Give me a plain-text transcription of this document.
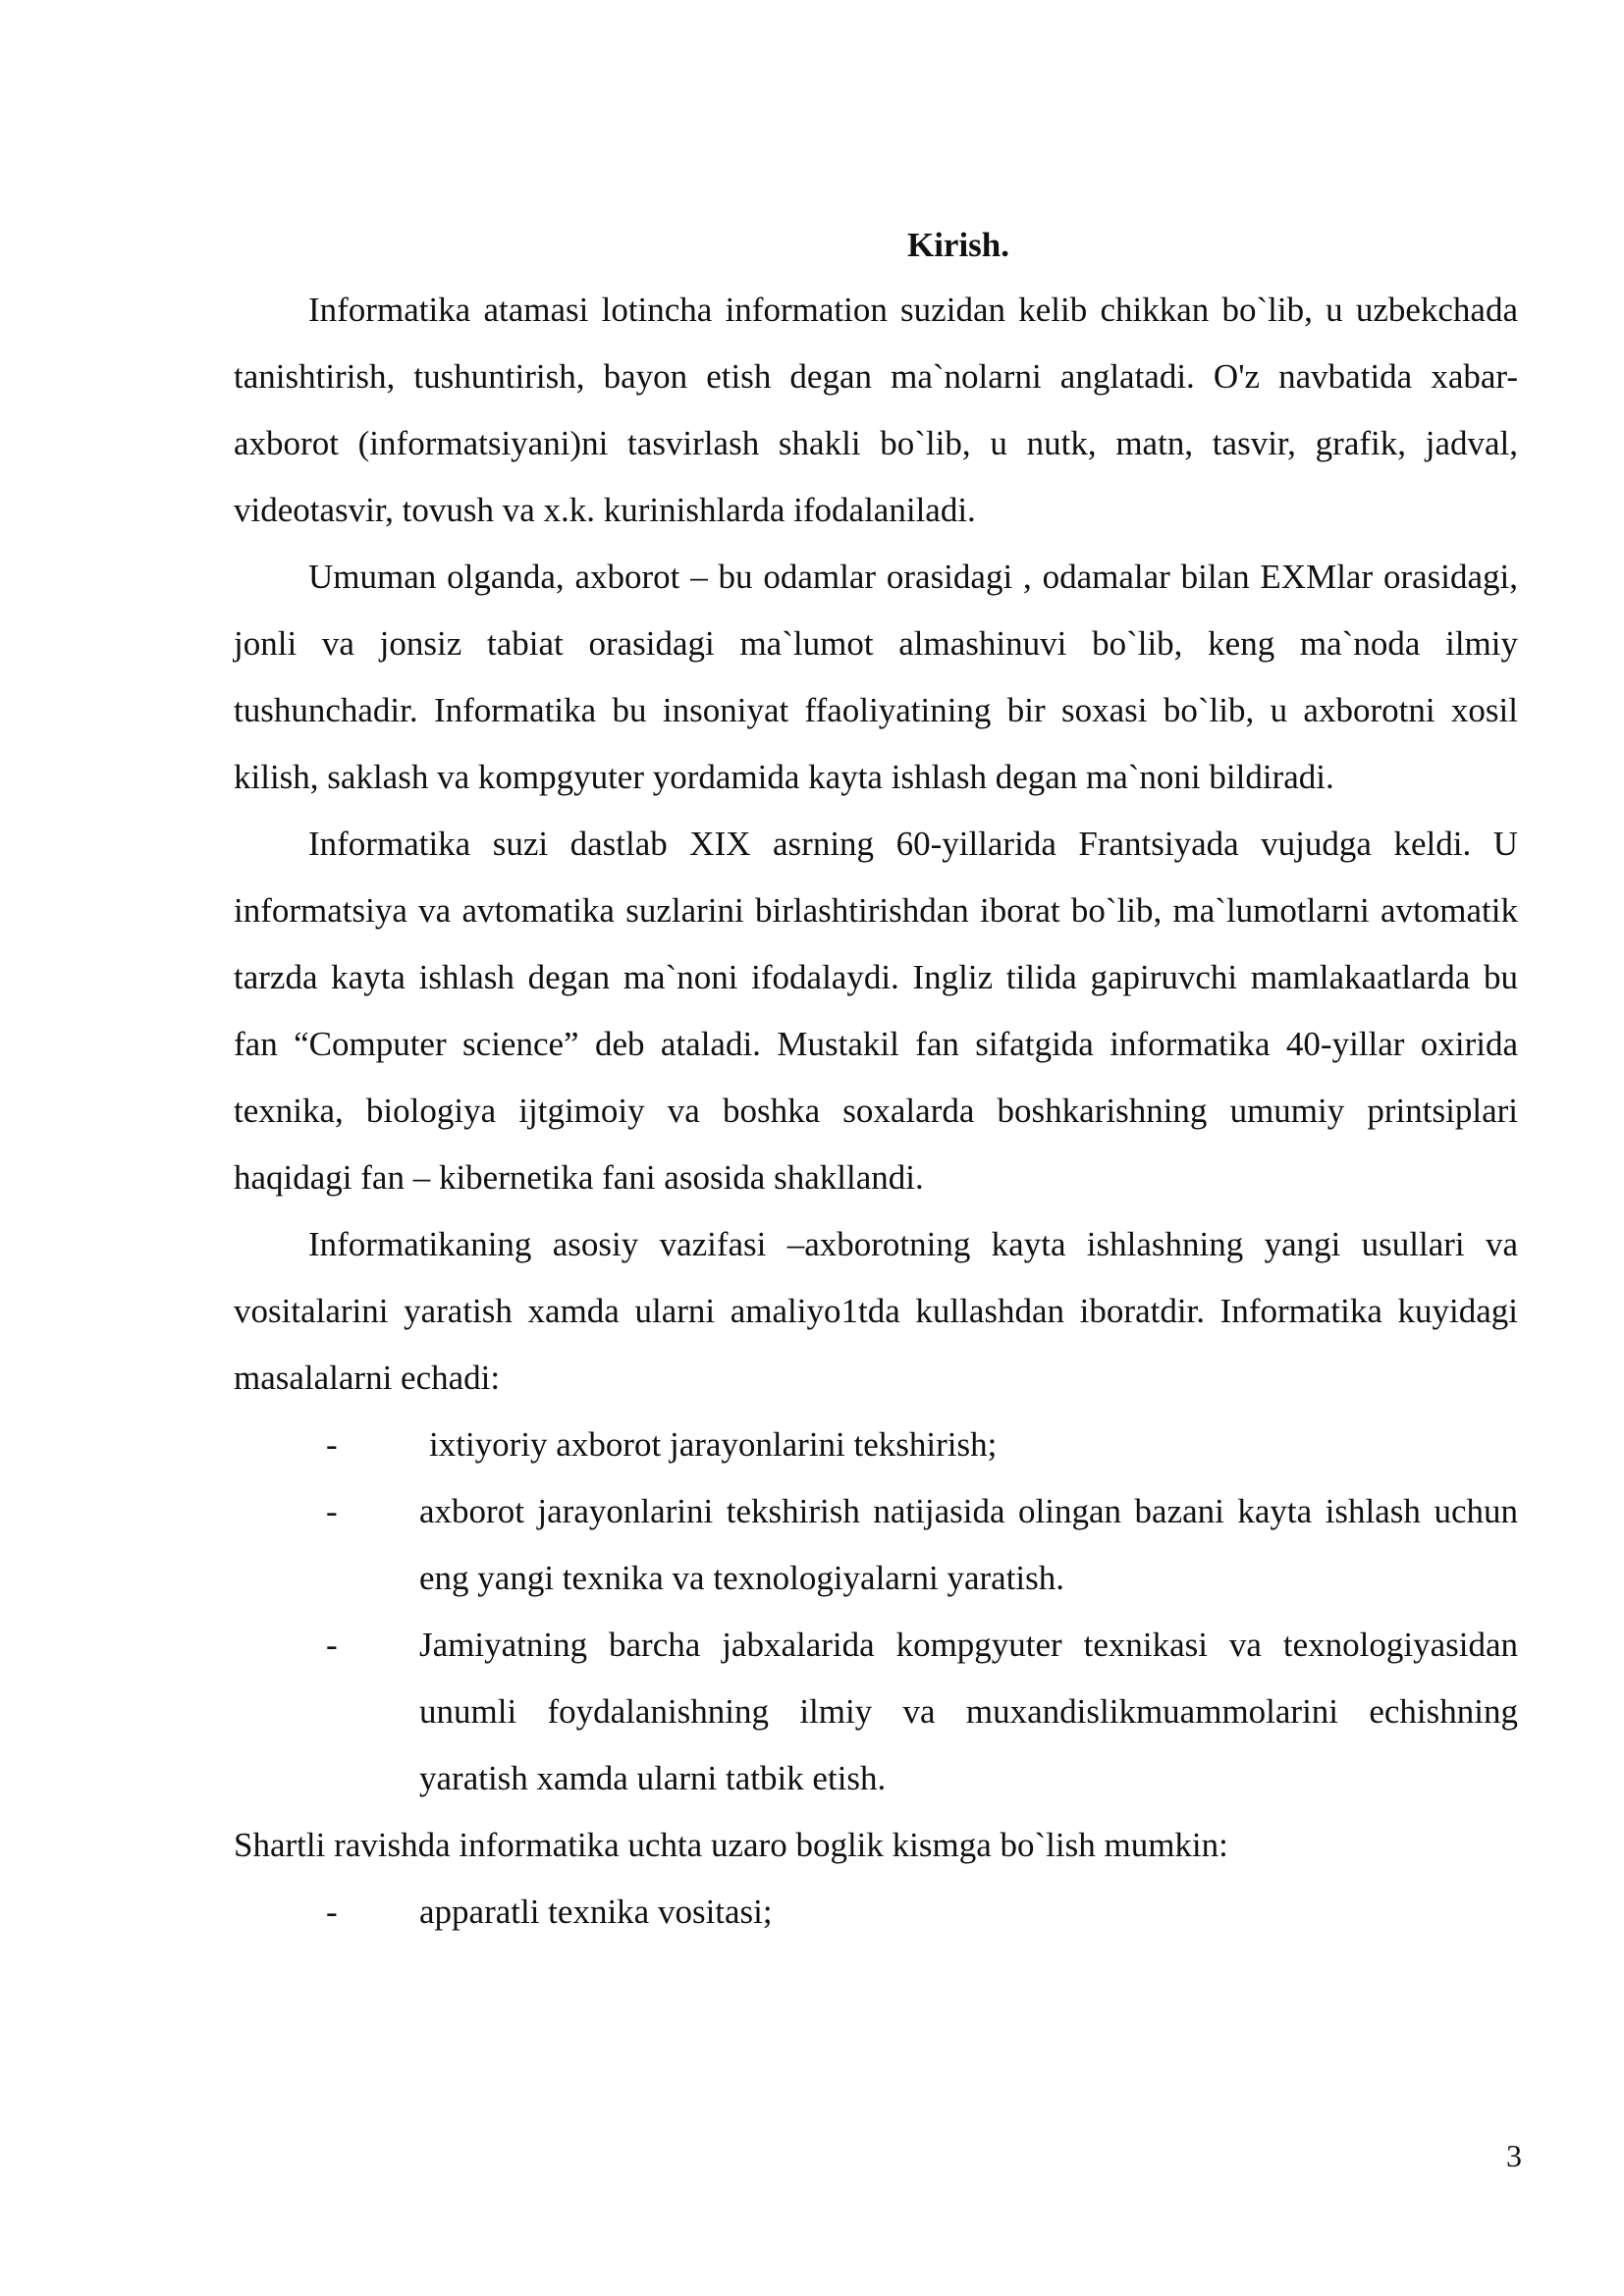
Kirish.

Informatika atamasi lotincha information suzidan kelib chikkan bo`lib, u uzbekchada tanishtirish, tushuntirish, bayon etish degan ma`nolarni anglatadi. O'z navbatida xabar-axborot (informatsiyani)ni tasvirlash shakli bo`lib, u nutk, matn, tasvir, grafik, jadval, videotasvir, tovush va x.k. kurinishlarda ifodalaniladi.

Umuman olganda, axborot – bu odamlar orasidagi , odamalar bilan EXMlar orasidagi, jonli va jonsiz tabiat orasidagi ma`lumot almashinuvi bo`lib, keng ma`noda ilmiy tushunchadir. Informatika bu insoniyat ffaoliyatining bir soxasi bo`lib, u axborotni xosil kilish, saklash va kompgyuter yordamida kayta ishlash degan ma`noni bildiradi.

Informatika suzi dastlab XIX asrning 60-yillarida Frantsiyada vujudga keldi. U informatsiya va avtomatika suzlarini birlashtirishdan iborat bo`lib, ma`lumotlarni avtomatik tarzda kayta ishlash degan ma`noni ifodalaydi. Ingliz tilida gapiruvchi mamlakaatlarda bu fan “Computer science” deb ataladi. Mustakil fan sifatgida informatika 40-yillar oxirida texnika, biologiya ijtgimoiy va boshka soxalarda boshkarishning umumiy printsiplari haqidagi fan – kibernetika fani asosida shakllandi.

Informatikaning asosiy vazifasi –axborotning kayta ishlashning yangi usullari va vositalarini yaratish xamda ularni amaliyo1tda kullashdan iboratdir. Informatika kuyidagi masalalarni echadi:

-	ixtiyoriy axborot jarayonlarini tekshirish;
- axborot jarayonlarini tekshirish natijasida olingan bazani kayta ishlash uchun eng yangi texnika va texnologiyalarni yaratish.
- Jamiyatning barcha jabxalarida kompgyuter texnikasi va texnologiyasidan unumli foydalanishning ilmiy va muxandislikmuammolarini echishning yaratish xamda ularni tatbik etish.

Shartli ravishda informatika uchta uzaro boglik kismga bo`lish mumkin:

- apparatli texnika vositasi;
3
